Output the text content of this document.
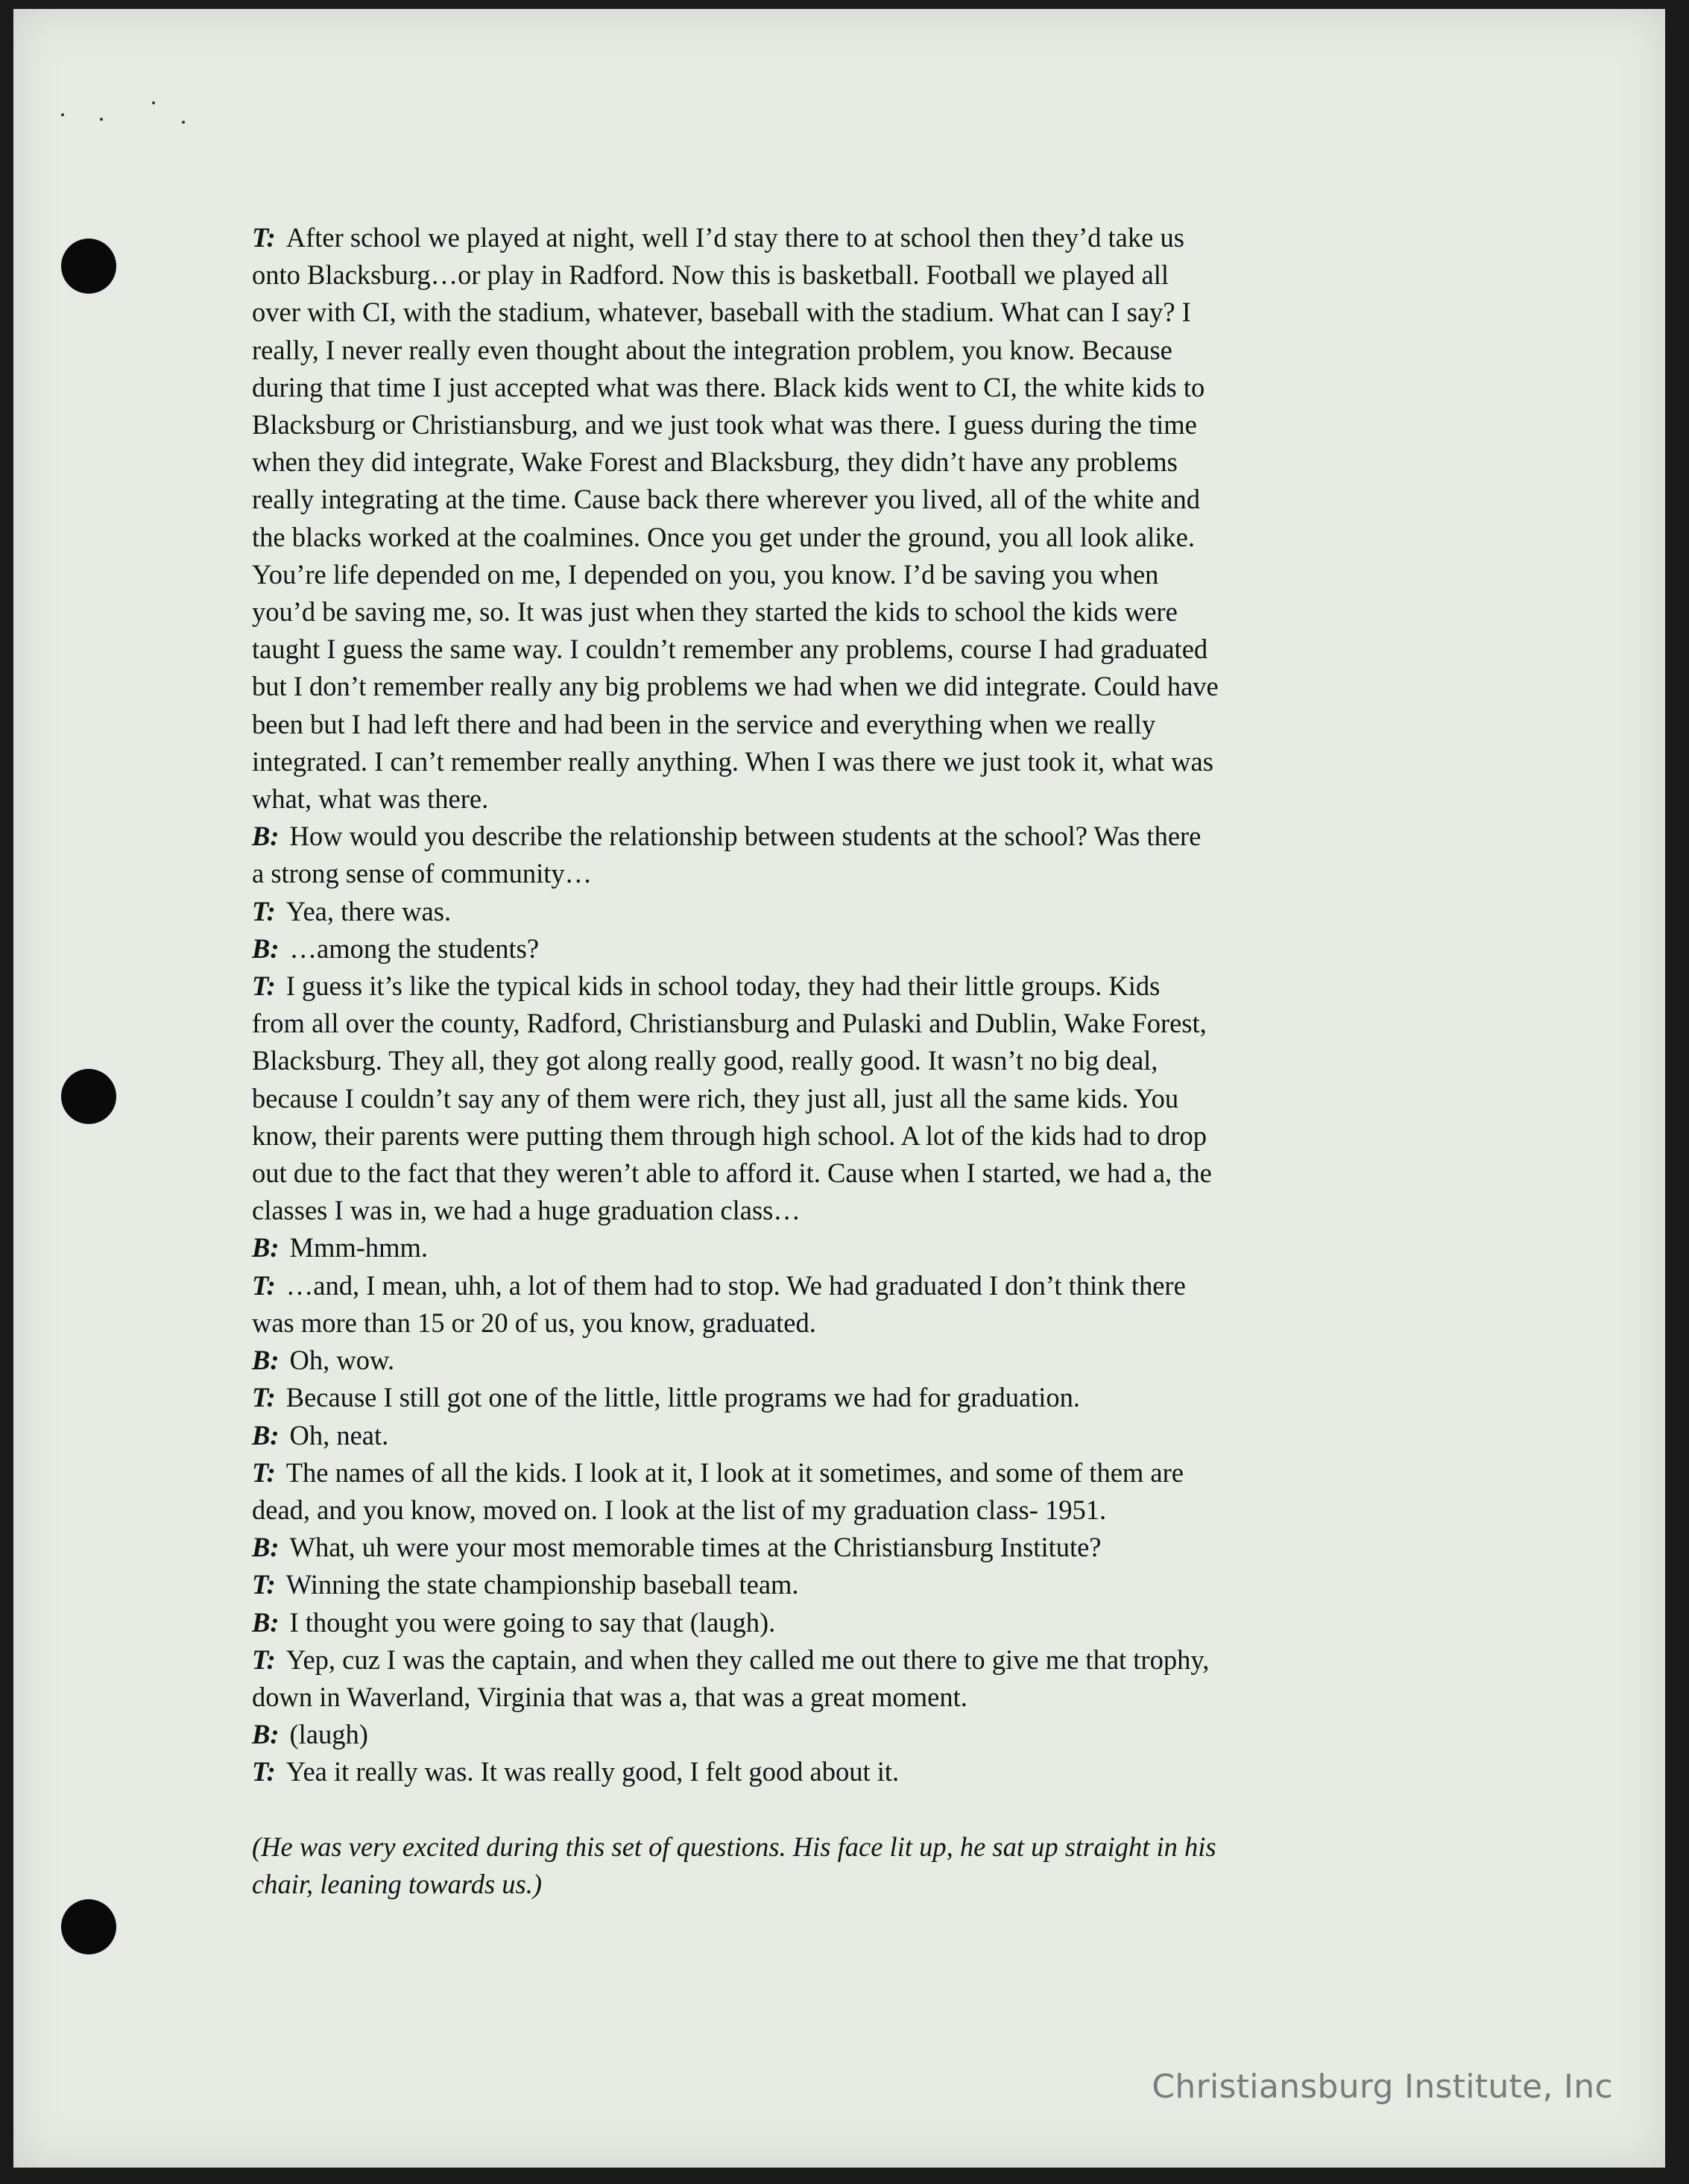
T: After school we played at night, well I’d stay there to at school then they’d take us
onto Blacksburg…or play in Radford. Now this is basketball. Football we played all
over with CI, with the stadium, whatever, baseball with the stadium. What can I say? I
really, I never really even thought about the integration problem, you know. Because
during that time I just accepted what was there. Black kids went to CI, the white kids to
Blacksburg or Christiansburg, and we just took what was there. I guess during the time
when they did integrate, Wake Forest and Blacksburg, they didn’t have any problems
really integrating at the time. Cause back there wherever you lived, all of the white and
the blacks worked at the coalmines. Once you get under the ground, you all look alike.
You’re life depended on me, I depended on you, you know. I’d be saving you when
you’d be saving me, so. It was just when they started the kids to school the kids were
taught I guess the same way. I couldn’t remember any problems, course I had graduated
but I don’t remember really any big problems we had when we did integrate. Could have
been but I had left there and had been in the service and everything when we really
integrated. I can’t remember really anything. When I was there we just took it, what was
what, what was there.
B: How would you describe the relationship between students at the school? Was there
a strong sense of community…
T: Yea, there was.
B: …among the students?
T: I guess it’s like the typical kids in school today, they had their little groups. Kids
from all over the county, Radford, Christiansburg and Pulaski and Dublin, Wake Forest,
Blacksburg. They all, they got along really good, really good. It wasn’t no big deal,
because I couldn’t say any of them were rich, they just all, just all the same kids. You
know, their parents were putting them through high school. A lot of the kids had to drop
out due to the fact that they weren’t able to afford it. Cause when I started, we had a, the
classes I was in, we had a huge graduation class…
B: Mmm-hmm.
T: …and, I mean, uhh, a lot of them had to stop. We had graduated I don’t think there
was more than 15 or 20 of us, you know, graduated.
B: Oh, wow.
T: Because I still got one of the little, little programs we had for graduation.
B: Oh, neat.
T: The names of all the kids. I look at it, I look at it sometimes, and some of them are
dead, and you know, moved on. I look at the list of my graduation class- 1951.
B: What, uh were your most memorable times at the Christiansburg Institute?
T: Winning the state championship baseball team.
B: I thought you were going to say that (laugh).
T: Yep, cuz I was the captain, and when they called me out there to give me that trophy,
down in Waverland, Virginia that was a, that was a great moment.
B: (laugh)
T: Yea it really was. It was really good, I felt good about it.
(He was very excited during this set of questions. His face lit up, he sat up straight in his
chair, leaning towards us.)
Christiansburg Institute, Inc
